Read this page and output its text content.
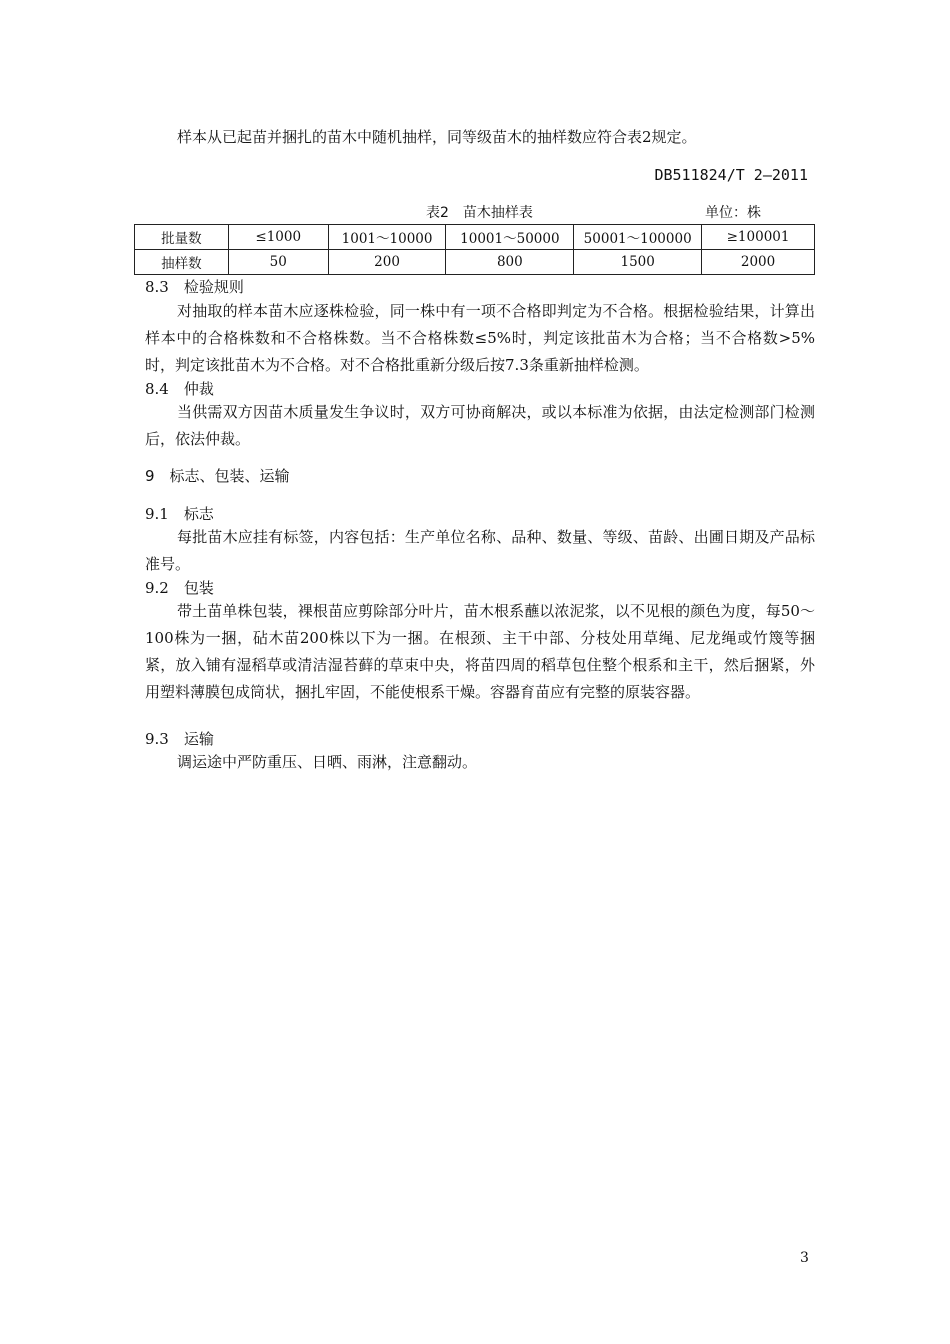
样本从已起苗并捆扎的苗木中随机抽样，同等级苗木的抽样数应符合表2规定。
DB511824/T 2—2011
表2　苗木抽样表	单位：株
批量数	≤1000	1001～10000	10001～50000	50001～100000	≥100001
抽样数	50	200	800	1500	2000
8.3　检验规则
对抽取的样本苗木应逐株检验，同一株中有一项不合格即判定为不合格。根据检验结果，计算出样本中的合格株数和不合格株数。当不合格株数≤5%时，判定该批苗木为合格；当不合格数>5%时，判定该批苗木为不合格。对不合格批重新分级后按7.3条重新抽样检测。
8.4　仲裁
当供需双方因苗木质量发生争议时，双方可协商解决，或以本标准为依据，由法定检测部门检测后，依法仲裁。
9　标志、包装、运输
9.1　标志
每批苗木应挂有标签，内容包括：生产单位名称、品种、数量、等级、苗龄、出圃日期及产品标准号。
9.2　包装
带土苗单株包装，裸根苗应剪除部分叶片，苗木根系蘸以浓泥浆，以不见根的颜色为度，每50～100株为一捆，砧木苗200株以下为一捆。在根颈、主干中部、分枝处用草绳、尼龙绳或竹篾等捆紧，放入铺有湿稻草或清洁湿苔藓的草束中央，将苗四周的稻草包住整个根系和主干，然后捆紧，外用塑料薄膜包成筒状，捆扎牢固，不能使根系干燥。容器育苗应有完整的原装容器。
9.3　运输
调运途中严防重压、日晒、雨淋，注意翻动。
3
